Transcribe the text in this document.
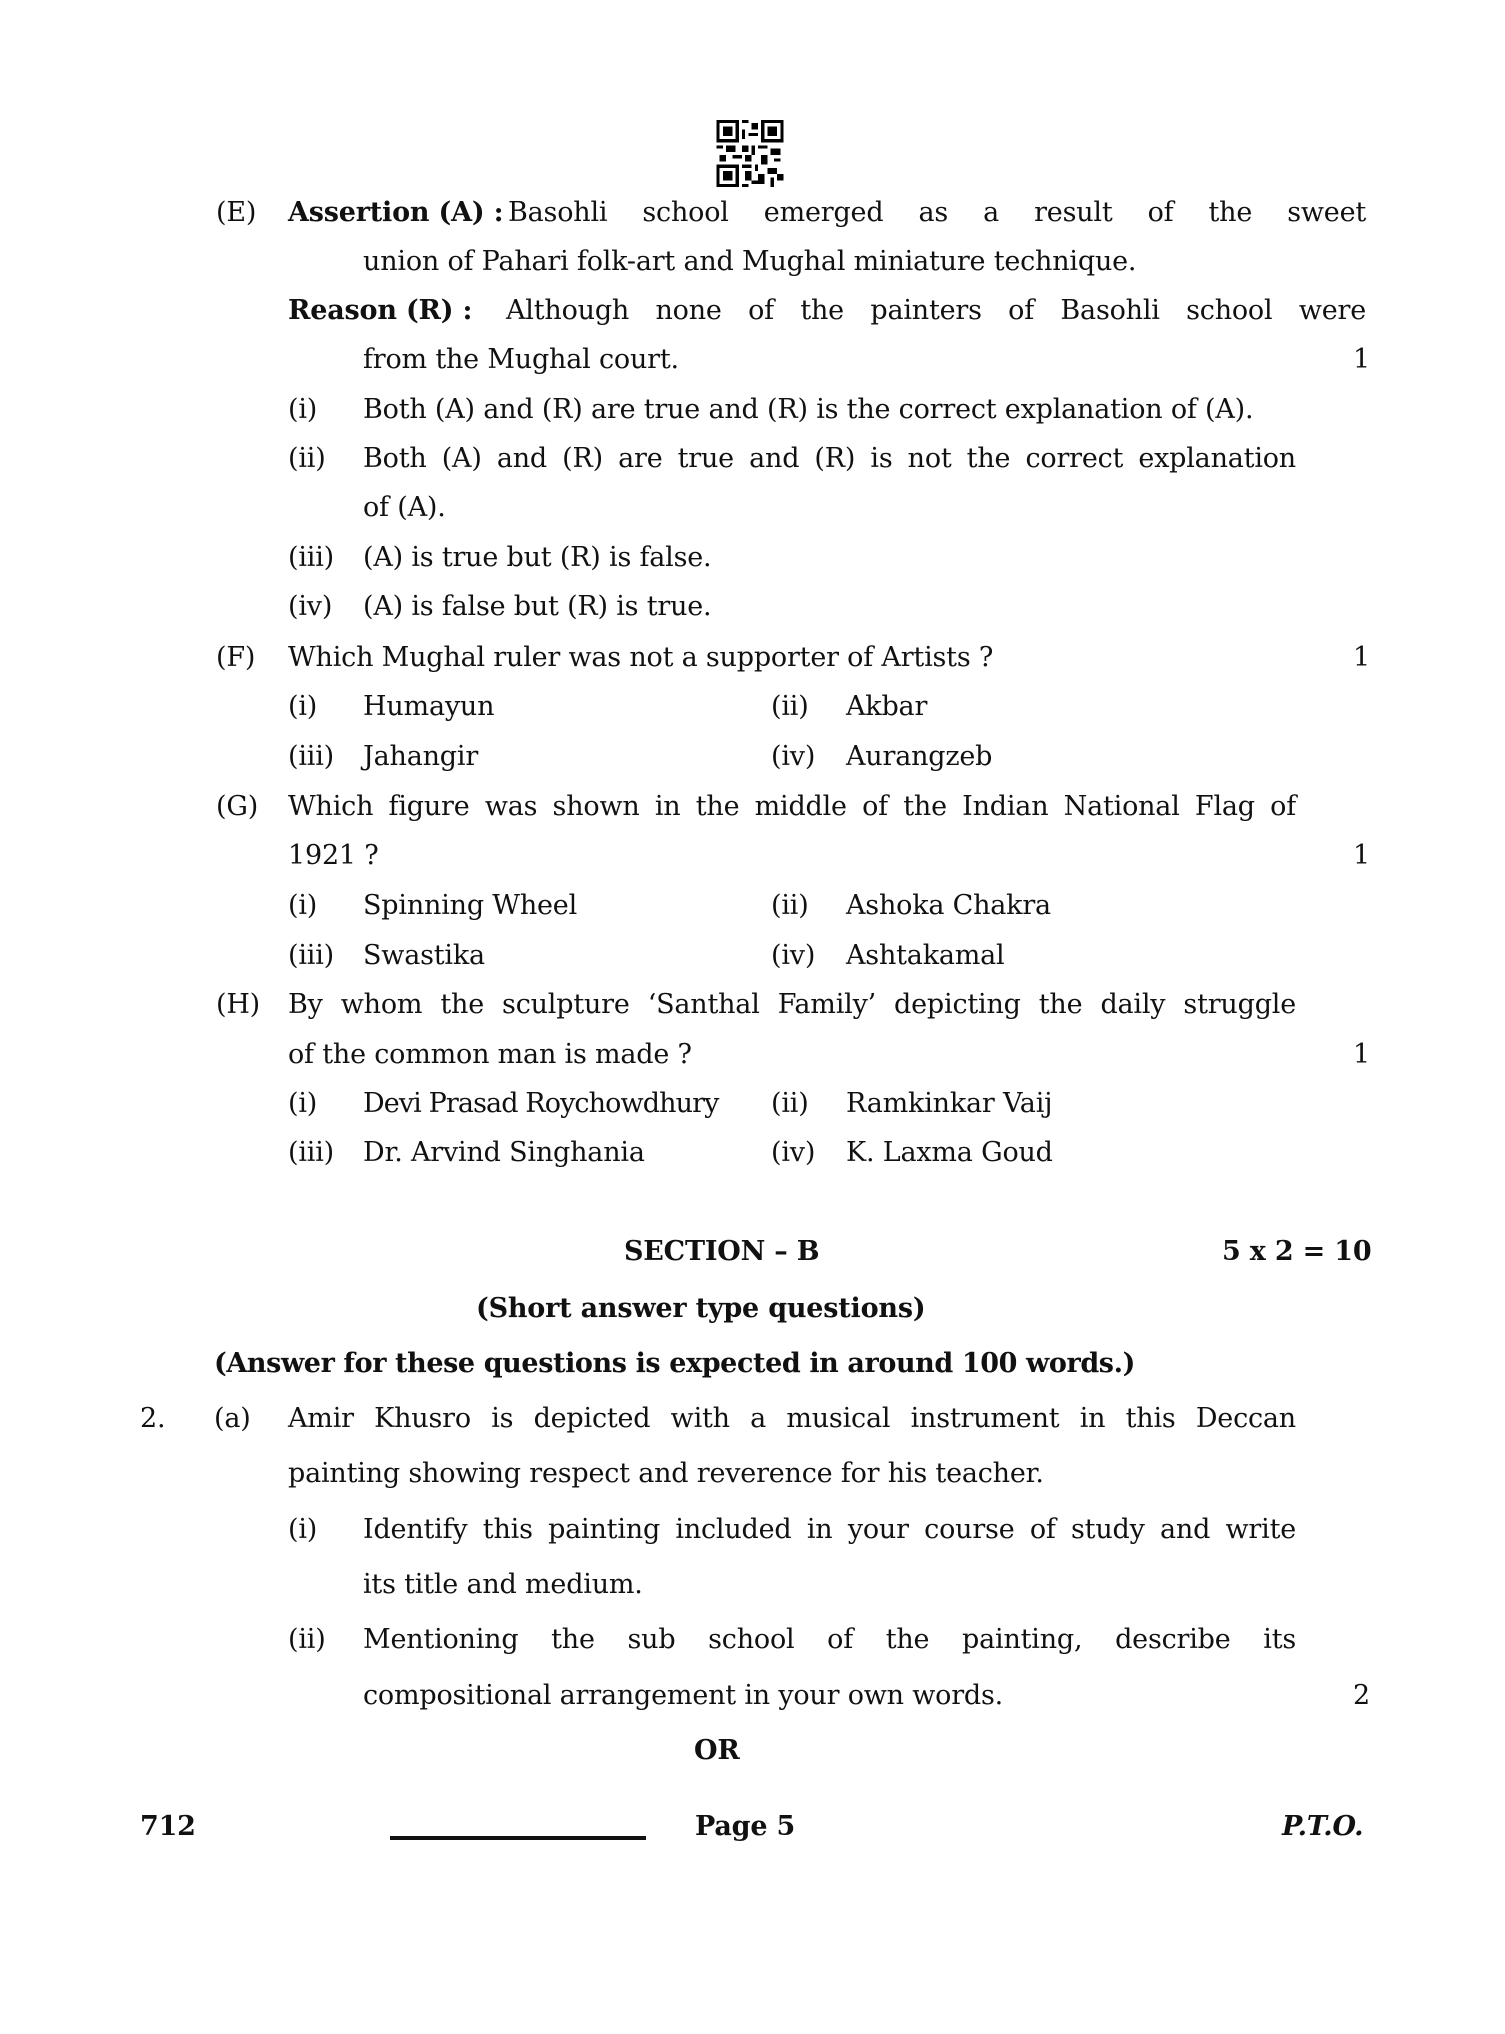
(E) Assertion (A) : Basohli school emerged as a result of the sweet
union of Pahari folk-art and Mughal miniature technique.
Reason (R) : Although none of the painters of Basohli school were
from the Mughal court.	1
(i) Both (A) and (R) are true and (R) is the correct explanation of (A).
(ii) Both (A) and (R) are true and (R) is not the correct explanation
of (A).
(iii) (A) is true but (R) is false.
(iv) (A) is false but (R) is true.
(F) Which Mughal ruler was not a supporter of Artists ?	1
(i) Humayun	(ii) Akbar
(iii) Jahangir	(iv) Aurangzeb
(G) Which figure was shown in the middle of the Indian National Flag of
1921 ?	1
(i) Spinning Wheel	(ii) Ashoka Chakra
(iii) Swastika	(iv) Ashtakamal
(H) By whom the sculpture ‘Santhal Family’ depicting the daily struggle
of the common man is made ?	1
(i) Devi Prasad Roychowdhury (ii) Ramkinkar Vaij
(iii) Dr. Arvind Singhania	(iv) K. Laxma Goud
SECTION – B	5 x 2 = 10
(Short answer type questions)
(Answer for these questions is expected in around 100 words.)
2. (a) Amir Khusro is depicted with a musical instrument in this Deccan
painting showing respect and reverence for his teacher.
(i) Identify this painting included in your course of study and write
its title and medium.
(ii) Mentioning the sub school of the painting, describe its
compositional arrangement in your own words.	2
OR
712	Page 5	P.T.O.
